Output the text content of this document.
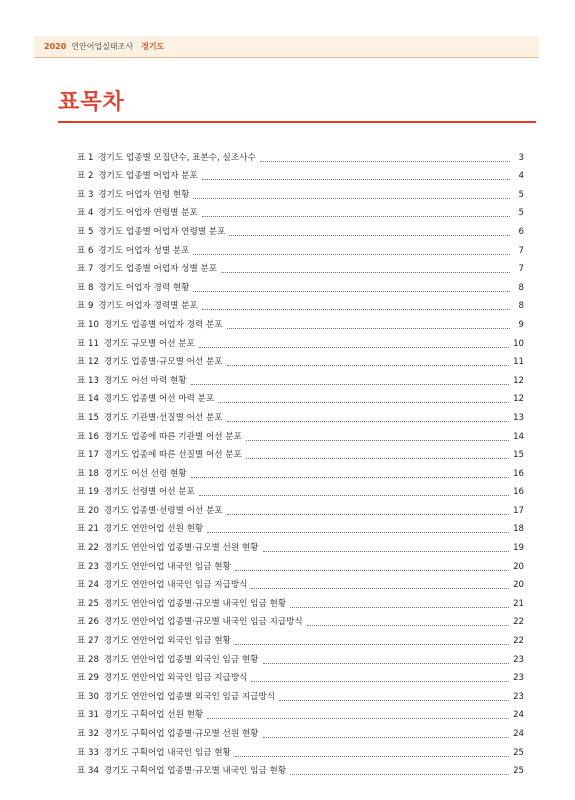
2020 연안어업실태조사 경기도
표목차
표 1 경기도 업종별 모집단수, 표본수, 실조사수	3
표 2 경기도 업종별 어업자 분포	4
표 3 경기도 어업자 연령 현황	5
표 4 경기도 어업자 연령별 분포	5
표 5 경기도 업종별 어업자 연령별 분포	6
표 6 경기도 어업자 성별 분포	7
표 7 경기도 업종별 어업자 성별 분포	7
표 8 경기도 어업자 경력 현황	8
표 9 경기도 어업자 경력별 분포	8
표 10 경기도 업종별 어업자 경력 분포	9
표 11 경기도 규모별 어선 분포	10
표 12 경기도 업종별·규모별 어선 분포	11
표 13 경기도 어선 마력 현황	12
표 14 경기도 업종별 어선 마력 분포	12
표 15 경기도 기관별·선질별 어선 분포	13
표 16 경기도 업종에 따른 기관별 어선 분포	14
표 17 경기도 업종에 따른 선질별 어선 분포	15
표 18 경기도 어선 선령 현황	16
표 19 경기도 선령별 어선 분포	16
표 20 경기도 업종별·선령별 어선 분포	17
표 21 경기도 연안어업 선원 현황	18
표 22 경기도 연안어업 업종별·규모별 선원 현황	19
표 23 경기도 연안어업 내국인 임금 현황	20
표 24 경기도 연안어업 내국인 임금 지급방식	20
표 25 경기도 연안어업 업종별·규모별 내국인 임금 현황	21
표 26 경기도 연안어업 업종별·규모별 내국인 임금 지급방식	22
표 27 경기도 연안어업 외국인 임금 현황	22
표 28 경기도 연안어업 업종별 외국인 임금 현황	23
표 29 경기도 연안어업 외국인 임금 지급방식	23
표 30 경기도 연안어업 업종별 외국인 임금 지급방식	23
표 31 경기도 구획어업 선원 현황	24
표 32 경기도 구획어업 업종별·규모별 선원 현황	24
표 33 경기도 구획어업 내국인 임금 현황	25
표 34 경기도 구획어업 업종별·규모별 내국인 임금 현황	25
